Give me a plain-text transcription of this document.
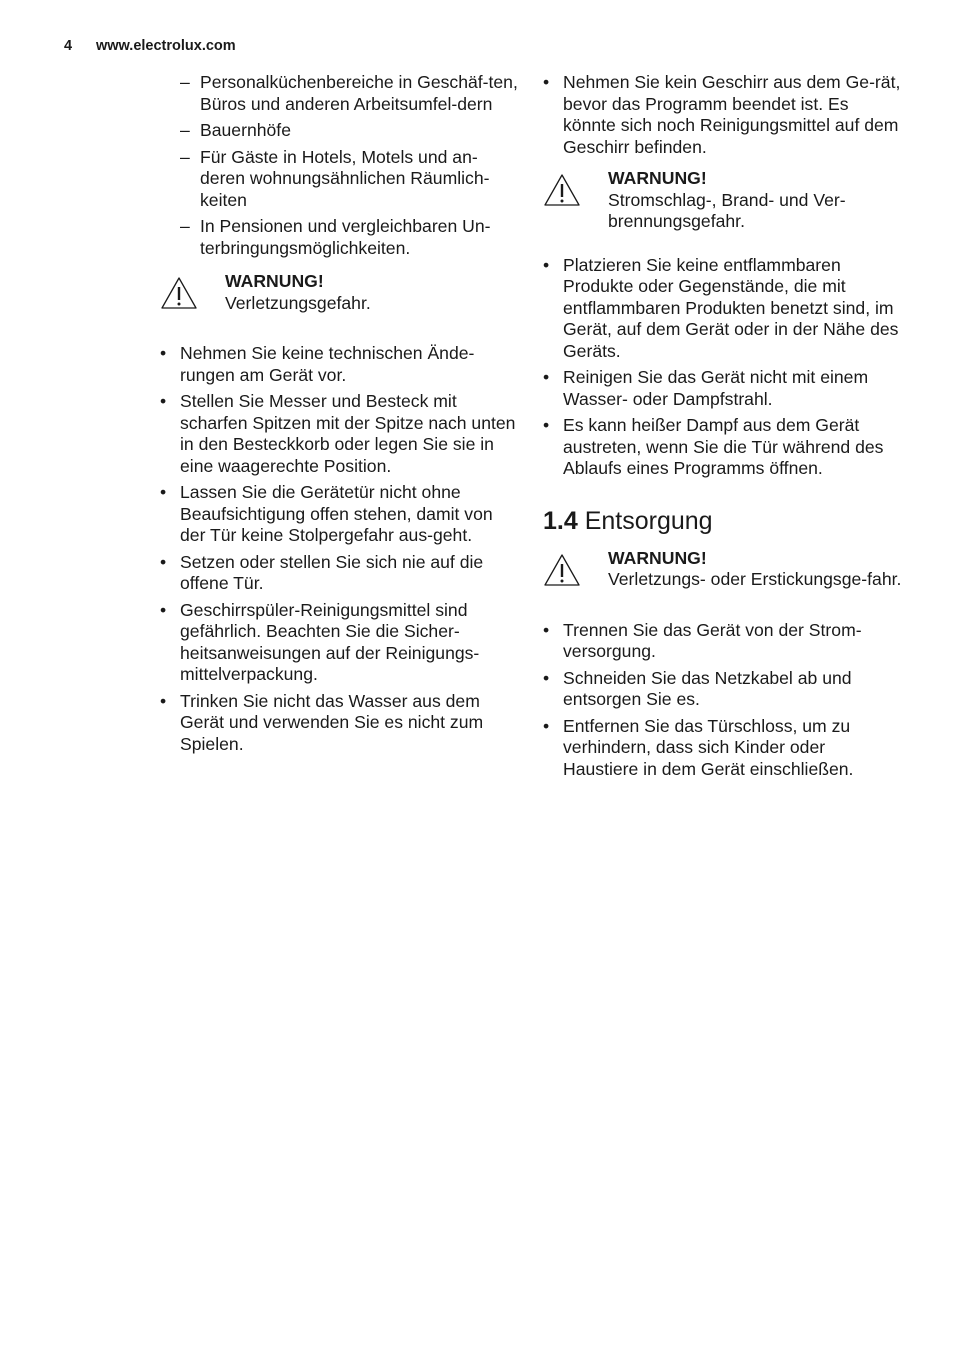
4 www.electrolux.com
– Personalküchenbereiche in Geschäf-ten, Büros und anderen Arbeitsumfel-dern
– Bauernhöfe
– Für Gäste in Hotels, Motels und an-deren wohnungsähnlichen Räumlich-keiten
– In Pensionen und vergleichbaren Un-terbringungsmöglichkeiten.
WARNUNG!
Verletzungsgefahr.
• Nehmen Sie keine technischen Ände-rungen am Gerät vor.
• Stellen Sie Messer und Besteck mit scharfen Spitzen mit der Spitze nach unten in den Besteckkorb oder legen Sie sie in eine waagerechte Position.
• Lassen Sie die Gerätetür nicht ohne Beaufsichtigung offen stehen, damit von der Tür keine Stolpergefahr aus-geht.
• Setzen oder stellen Sie sich nie auf die offene Tür.
• Geschirrspüler-Reinigungsmittel sind gefährlich. Beachten Sie die Sicher-heitsanweisungen auf der Reinigungs-mittelverpackung.
• Trinken Sie nicht das Wasser aus dem Gerät und verwenden Sie es nicht zum Spielen.
• Nehmen Sie kein Geschirr aus dem Ge-rät, bevor das Programm beendet ist. Es könnte sich noch Reinigungsmittel auf dem Geschirr befinden.
WARNUNG!
Stromschlag-, Brand- und Ver-brennungsgefahr.
• Platzieren Sie keine entflammbaren Produkte oder Gegenstände, die mit entflammbaren Produkten benetzt sind, im Gerät, auf dem Gerät oder in der Nähe des Geräts.
• Reinigen Sie das Gerät nicht mit einem Wasser- oder Dampfstrahl.
• Es kann heißer Dampf aus dem Gerät austreten, wenn Sie die Tür während des Ablaufs eines Programms öffnen.
1.4 Entsorgung
WARNUNG!
Verletzungs- oder Erstickungsge-fahr.
• Trennen Sie das Gerät von der Strom-versorgung.
• Schneiden Sie das Netzkabel ab und entsorgen Sie es.
• Entfernen Sie das Türschloss, um zu verhindern, dass sich Kinder oder Haustiere in dem Gerät einschließen.
